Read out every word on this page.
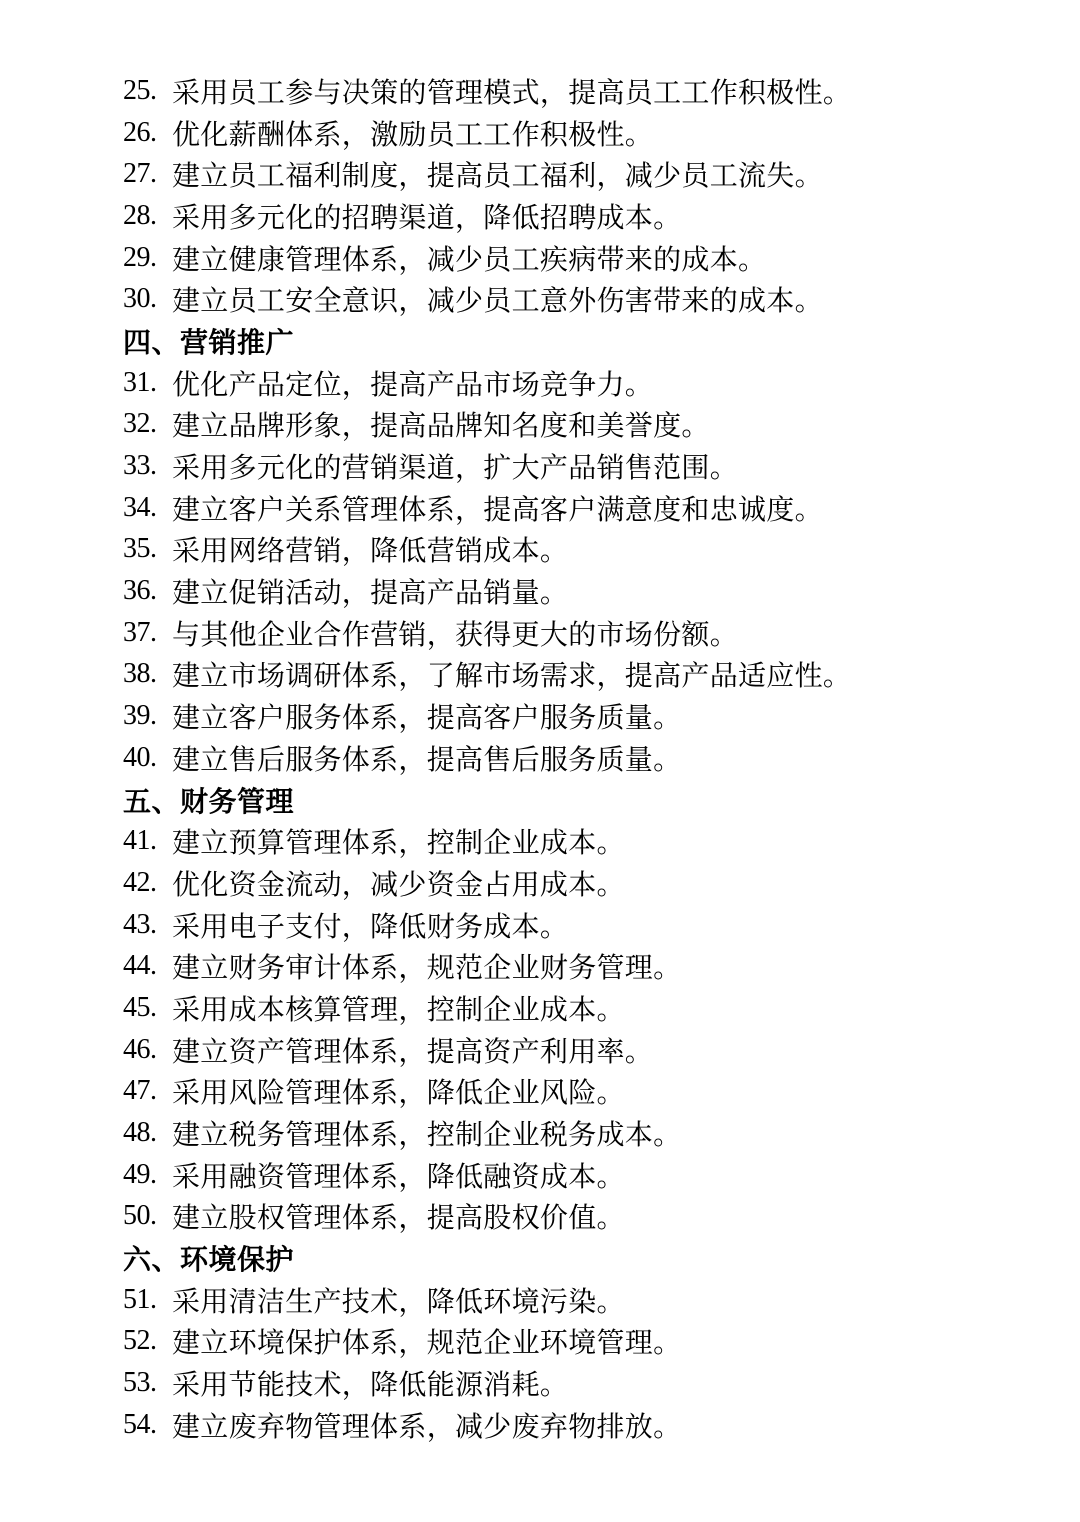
25. 采用员工参与决策的管理模式，提高员工工作积极性。
26. 优化薪酬体系，激励员工工作积极性。
27. 建立员工福利制度，提高员工福利，减少员工流失。
28. 采用多元化的招聘渠道，降低招聘成本。
29. 建立健康管理体系，减少员工疾病带来的成本。
30. 建立员工安全意识，减少员工意外伤害带来的成本。
四、营销推广
31. 优化产品定位，提高产品市场竞争力。
32. 建立品牌形象，提高品牌知名度和美誉度。
33. 采用多元化的营销渠道，扩大产品销售范围。
34. 建立客户关系管理体系，提高客户满意度和忠诚度。
35. 采用网络营销，降低营销成本。
36. 建立促销活动，提高产品销量。
37. 与其他企业合作营销，获得更大的市场份额。
38. 建立市场调研体系，了解市场需求，提高产品适应性。
39. 建立客户服务体系，提高客户服务质量。
40. 建立售后服务体系，提高售后服务质量。
五、财务管理
41. 建立预算管理体系，控制企业成本。
42. 优化资金流动，减少资金占用成本。
43. 采用电子支付，降低财务成本。
44. 建立财务审计体系，规范企业财务管理。
45. 采用成本核算管理，控制企业成本。
46. 建立资产管理体系，提高资产利用率。
47. 采用风险管理体系，降低企业风险。
48. 建立税务管理体系，控制企业税务成本。
49. 采用融资管理体系，降低融资成本。
50. 建立股权管理体系，提高股权价值。
六、环境保护
51. 采用清洁生产技术，降低环境污染。
52. 建立环境保护体系，规范企业环境管理。
53. 采用节能技术，降低能源消耗。
54. 建立废弃物管理体系，减少废弃物排放。
